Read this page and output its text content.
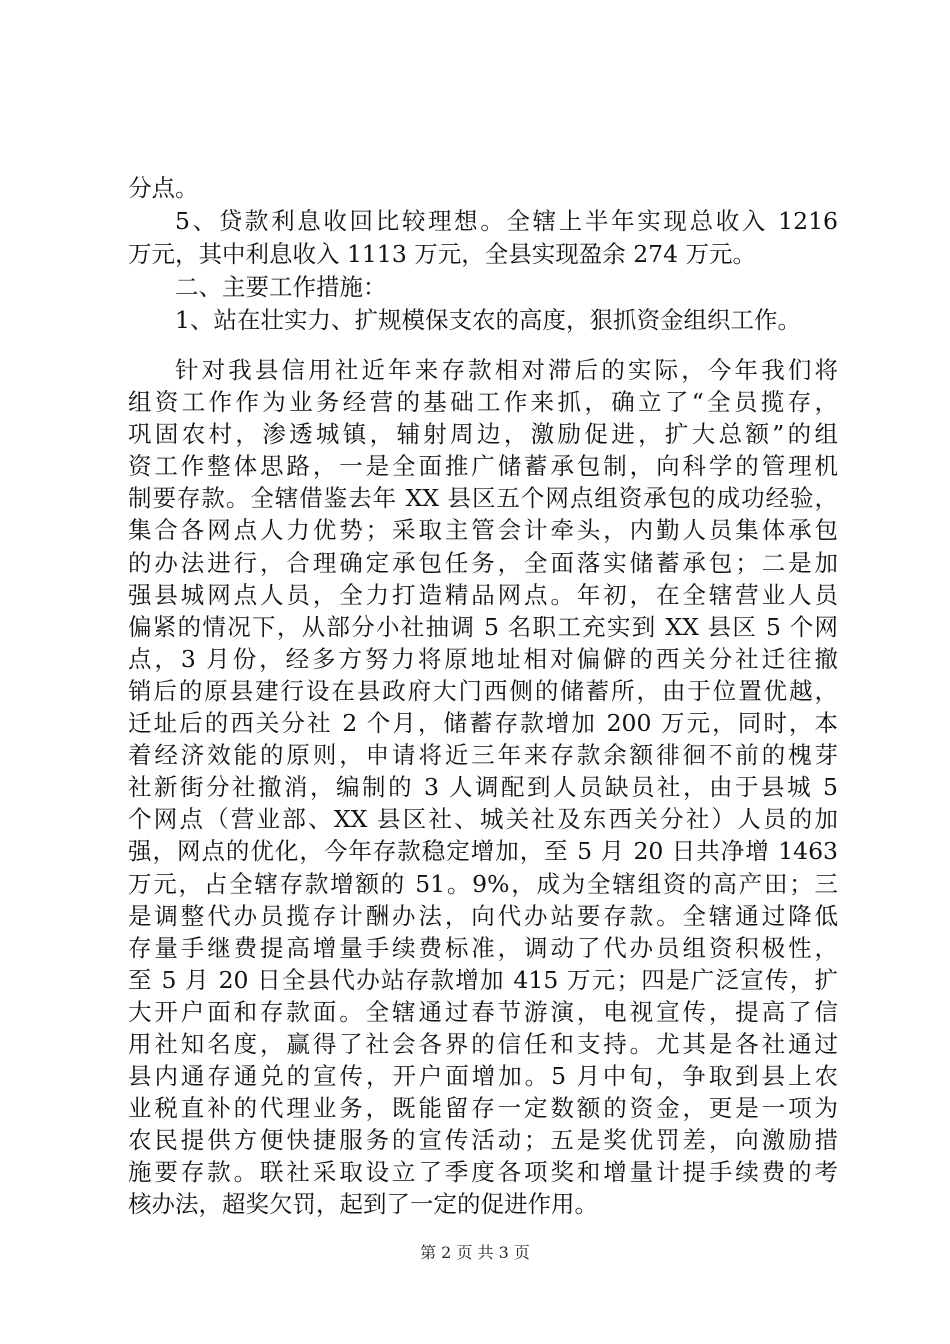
分点。
5、贷款利息收回比较理想。全辖上半年实现总收入 1216
万元，其中利息收入 1113 万元，全县实现盈余 274 万元。
二、主要工作措施：
1、站在壮实力、扩规模保支农的高度，狠抓资金组织工作。
针对我县信用社近年来存款相对滞后的实际，今年我们将
组资工作作为业务经营的基础工作来抓，确立了“全员揽存，
巩固农村，渗透城镇，辅射周边，激励促进，扩大总额”的组
资工作整体思路，一是全面推广储蓄承包制，向科学的管理机
制要存款。全辖借鉴去年 XX 县区五个网点组资承包的成功经验，
集合各网点人力优势；采取主管会计牵头，内勤人员集体承包
的办法进行，合理确定承包任务，全面落实储蓄承包；二是加
强县城网点人员，全力打造精品网点。年初，在全辖营业人员
偏紧的情况下，从部分小社抽调 5 名职工充实到 XX 县区 5 个网
点，3 月份，经多方努力将原地址相对偏僻的西关分社迁往撤
销后的原县建行设在县政府大门西侧的储蓄所，由于位置优越，
迁址后的西关分社 2 个月，储蓄存款增加 200 万元，同时，本
着经济效能的原则，申请将近三年来存款余额徘徊不前的槐芽
社新街分社撤消，编制的 3 人调配到人员缺员社，由于县城 5
个网点（营业部、XX 县区社、城关社及东西关分社）人员的加
强，网点的优化，今年存款稳定增加，至 5 月 20 日共净增 1463
万元，占全辖存款增额的 51。9%，成为全辖组资的高产田；三
是调整代办员揽存计酬办法，向代办站要存款。全辖通过降低
存量手继费提高增量手续费标准，调动了代办员组资积极性，
至 5 月 20 日全县代办站存款增加 415 万元；四是广泛宣传，扩
大开户面和存款面。全辖通过春节游演，电视宣传，提高了信
用社知名度，赢得了社会各界的信任和支持。尤其是各社通过
县内通存通兑的宣传，开户面增加。5 月中旬，争取到县上农
业税直补的代理业务，既能留存一定数额的资金，更是一项为
农民提供方便快捷服务的宣传活动；五是奖优罚差，向激励措
施要存款。联社采取设立了季度各项奖和增量计提手续费的考
核办法，超奖欠罚，起到了一定的促进作用。
第 2 页 共 3 页
